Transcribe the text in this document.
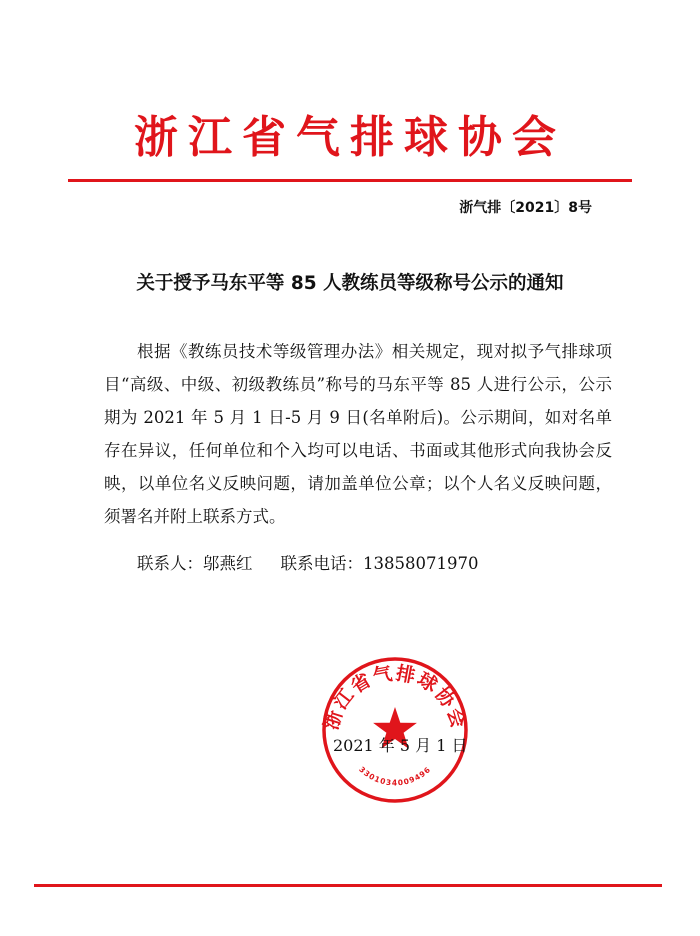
浙江省气排球协会

浙气排〔2021〕8号

关于授予马东平等 85 人教练员等级称号公示的通知

根据《教练员技术等级管理办法》相关规定，现对拟予气排球项目“高级、中级、初级教练员”称号的马东平等 85 人进行公示，公示期为 2021 年 5 月 1 日-5 月 9 日(名单附后)。公示期间，如对名单存在异议，任何单位和个入均可以电话、书面或其他形式向我协会反映，以单位名义反映问题，请加盖单位公章；以个人名义反映问题，须署名并附上联系方式。

联系人：邬燕红 联系电话：13858071970

浙江省气排球协会
3301034009496

2021 年 5 月 1 日
